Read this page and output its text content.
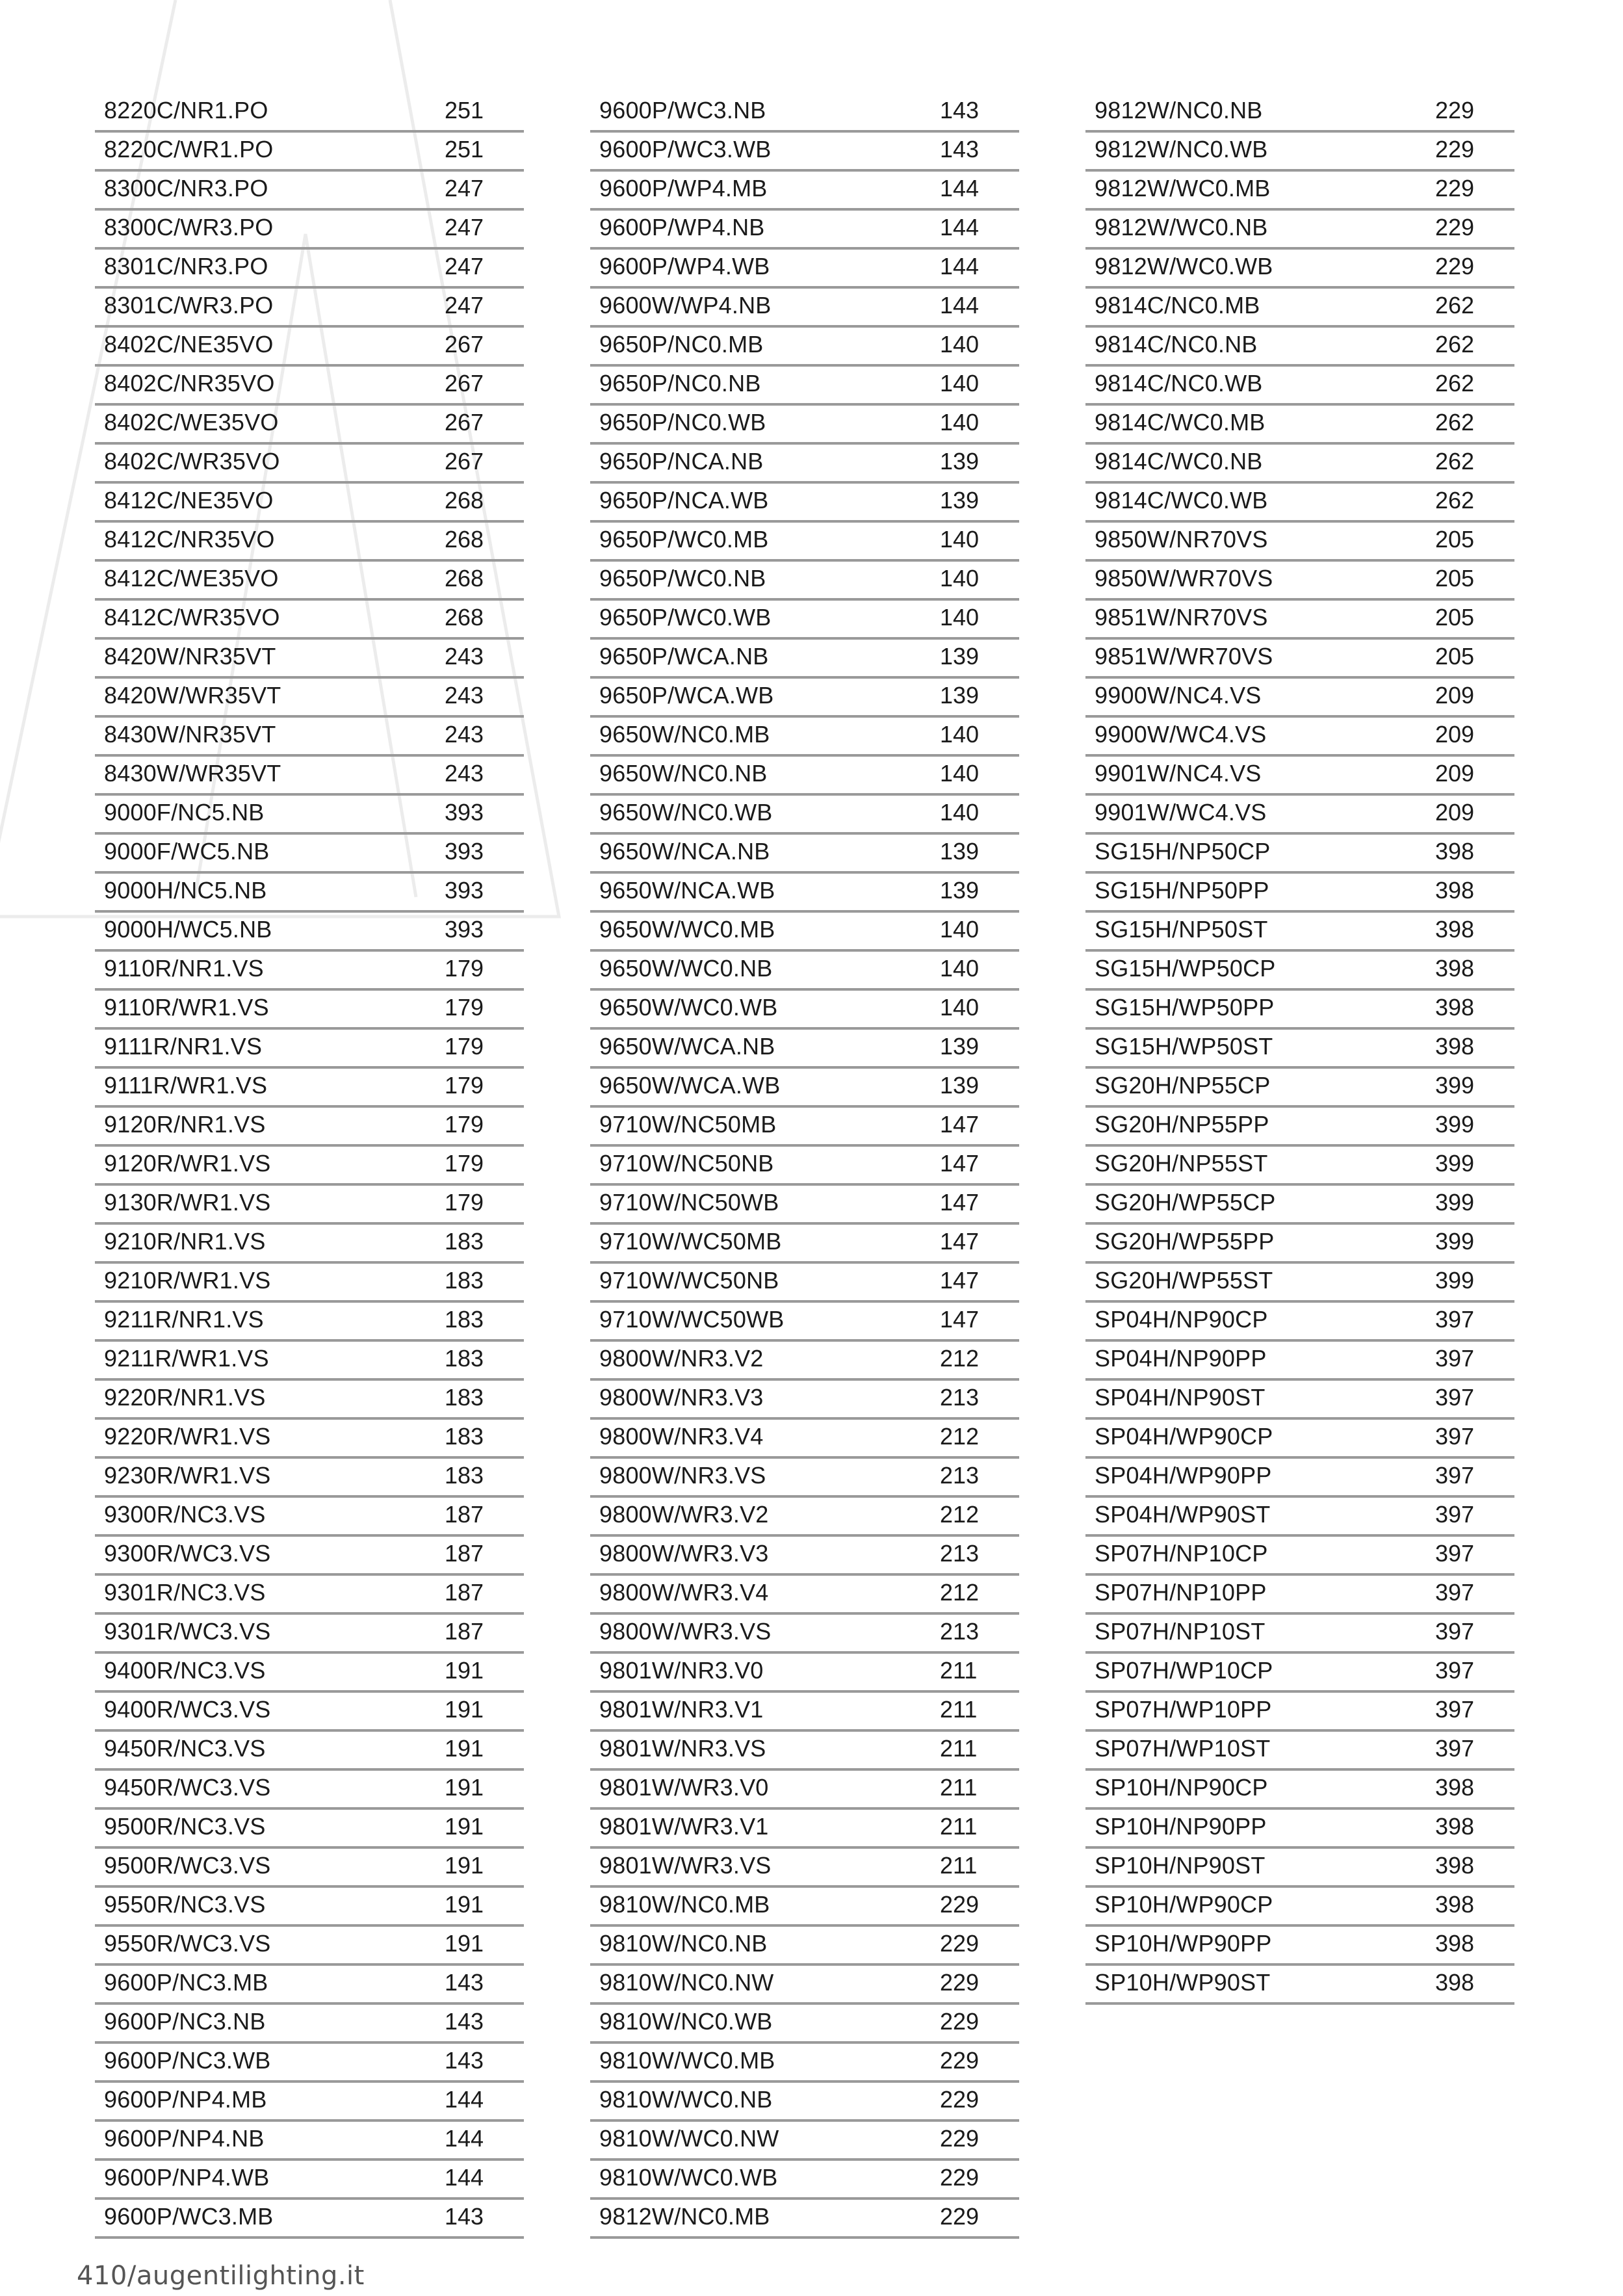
8220C/NR1.PO	251
8220C/WR1.PO	251
8300C/NR3.PO	247
8300C/WR3.PO	247
8301C/NR3.PO	247
8301C/WR3.PO	247
8402C/NE35VO	267
8402C/NR35VO	267
8402C/WE35VO	267
8402C/WR35VO	267
8412C/NE35VO	268
8412C/NR35VO	268
8412C/WE35VO	268
8412C/WR35VO	268
8420W/NR35VT	243
8420W/WR35VT	243
8430W/NR35VT	243
8430W/WR35VT	243
9000F/NC5.NB	393
9000F/WC5.NB	393
9000H/NC5.NB	393
9000H/WC5.NB	393
9110R/NR1.VS	179
9110R/WR1.VS	179
9111R/NR1.VS	179
9111R/WR1.VS	179
9120R/NR1.VS	179
9120R/WR1.VS	179
9130R/WR1.VS	179
9210R/NR1.VS	183
9210R/WR1.VS	183
9211R/NR1.VS	183
9211R/WR1.VS	183
9220R/NR1.VS	183
9220R/WR1.VS	183
9230R/WR1.VS	183
9300R/NC3.VS	187
9300R/WC3.VS	187
9301R/NC3.VS	187
9301R/WC3.VS	187
9400R/NC3.VS	191
9400R/WC3.VS	191
9450R/NC3.VS	191
9450R/WC3.VS	191
9500R/NC3.VS	191
9500R/WC3.VS	191
9550R/NC3.VS	191
9550R/WC3.VS	191
9600P/NC3.MB	143
9600P/NC3.NB	143
9600P/NC3.WB	143
9600P/NP4.MB	144
9600P/NP4.NB	144
9600P/NP4.WB	144
9600P/WC3.MB	143
9600P/WC3.NB	143
9600P/WC3.WB	143
9600P/WP4.MB	144
9600P/WP4.NB	144
9600P/WP4.WB	144
9600W/WP4.NB	144
9650P/NC0.MB	140
9650P/NC0.NB	140
9650P/NC0.WB	140
9650P/NCA.NB	139
9650P/NCA.WB	139
9650P/WC0.MB	140
9650P/WC0.NB	140
9650P/WC0.WB	140
9650P/WCA.NB	139
9650P/WCA.WB	139
9650W/NC0.MB	140
9650W/NC0.NB	140
9650W/NC0.WB	140
9650W/NCA.NB	139
9650W/NCA.WB	139
9650W/WC0.MB	140
9650W/WC0.NB	140
9650W/WC0.WB	140
9650W/WCA.NB	139
9650W/WCA.WB	139
9710W/NC50MB	147
9710W/NC50NB	147
9710W/NC50WB	147
9710W/WC50MB	147
9710W/WC50NB	147
9710W/WC50WB	147
9800W/NR3.V2	212
9800W/NR3.V3	213
9800W/NR3.V4	212
9800W/NR3.VS	213
9800W/WR3.V2	212
9800W/WR3.V3	213
9800W/WR3.V4	212
9800W/WR3.VS	213
9801W/NR3.V0	211
9801W/NR3.V1	211
9801W/NR3.VS	211
9801W/WR3.V0	211
9801W/WR3.V1	211
9801W/WR3.VS	211
9810W/NC0.MB	229
9810W/NC0.NB	229
9810W/NC0.NW	229
9810W/NC0.WB	229
9810W/WC0.MB	229
9810W/WC0.NB	229
9810W/WC0.NW	229
9810W/WC0.WB	229
9812W/NC0.MB	229
9812W/NC0.NB	229
9812W/NC0.WB	229
9812W/WC0.MB	229
9812W/WC0.NB	229
9812W/WC0.WB	229
9814C/NC0.MB	262
9814C/NC0.NB	262
9814C/NC0.WB	262
9814C/WC0.MB	262
9814C/WC0.NB	262
9814C/WC0.WB	262
9850W/NR70VS	205
9850W/WR70VS	205
9851W/NR70VS	205
9851W/WR70VS	205
9900W/NC4.VS	209
9900W/WC4.VS	209
9901W/NC4.VS	209
9901W/WC4.VS	209
SG15H/NP50CP	398
SG15H/NP50PP	398
SG15H/NP50ST	398
SG15H/WP50CP	398
SG15H/WP50PP	398
SG15H/WP50ST	398
SG20H/NP55CP	399
SG20H/NP55PP	399
SG20H/NP55ST	399
SG20H/WP55CP	399
SG20H/WP55PP	399
SG20H/WP55ST	399
SP04H/NP90CP	397
SP04H/NP90PP	397
SP04H/NP90ST	397
SP04H/WP90CP	397
SP04H/WP90PP	397
SP04H/WP90ST	397
SP07H/NP10CP	397
SP07H/NP10PP	397
SP07H/NP10ST	397
SP07H/WP10CP	397
SP07H/WP10PP	397
SP07H/WP10ST	397
SP10H/NP90CP	398
SP10H/NP90PP	398
SP10H/NP90ST	398
SP10H/WP90CP	398
SP10H/WP90PP	398
SP10H/WP90ST	398
410/augentilighting.it
